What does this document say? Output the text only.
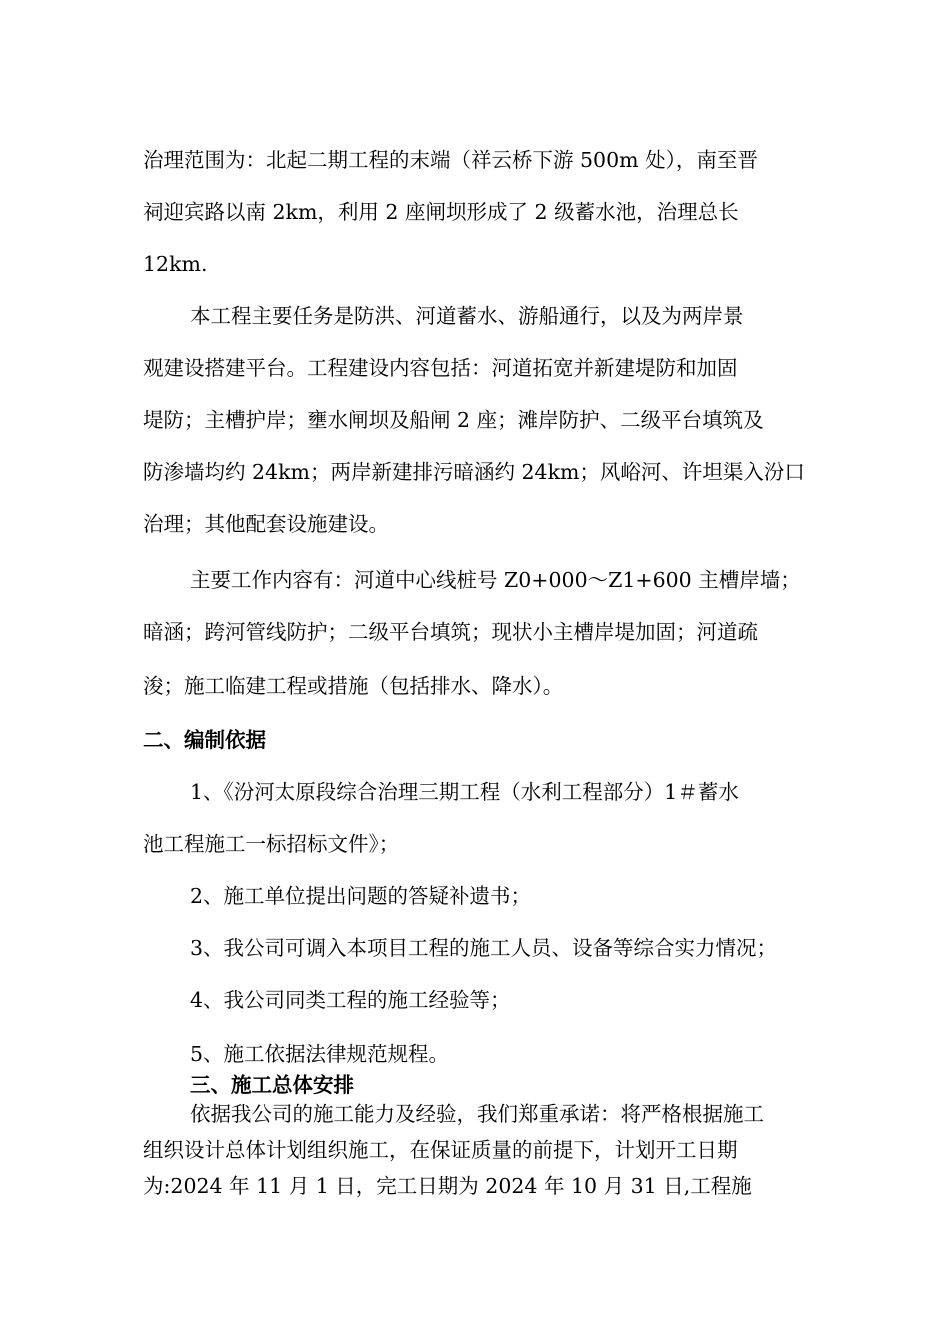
治理范围为：北起二期工程的末端（祥云桥下游 500m 处），南至晋
祠迎宾路以南 2km，利用 2 座闸坝形成了 2 级蓄水池，治理总长
12km.
本工程主要任务是防洪、河道蓄水、游船通行，以及为两岸景
观建设搭建平台。工程建设内容包括：河道拓宽并新建堤防和加固
堤防；主槽护岸；壅水闸坝及船闸 2 座；滩岸防护、二级平台填筑及
防渗墙均约 24km；两岸新建排污暗涵约 24km；风峪河、许坦渠入汾口
治理；其他配套设施建设。
主要工作内容有：河道中心线桩号 Z0+000～Z1+600 主槽岸墙；
暗涵；跨河管线防护；二级平台填筑；现状小主槽岸堤加固；河道疏
浚；施工临建工程或措施（包括排水、降水）。
二、编制依据
1、《汾河太原段综合治理三期工程（水利工程部分）1＃蓄水
池工程施工一标招标文件》；
2、施工单位提出问题的答疑补遗书；
3、我公司可调入本项目工程的施工人员、设备等综合实力情况；
4、我公司同类工程的施工经验等；
5、施工依据法律规范规程。
三、施工总体安排
依据我公司的施工能力及经验，我们郑重承诺：将严格根据施工
组织设计总体计划组织施工，在保证质量的前提下，计划开工日期
为:2024 年 11 月 1 日，完工日期为 2024 年 10 月 31 日,工程施
